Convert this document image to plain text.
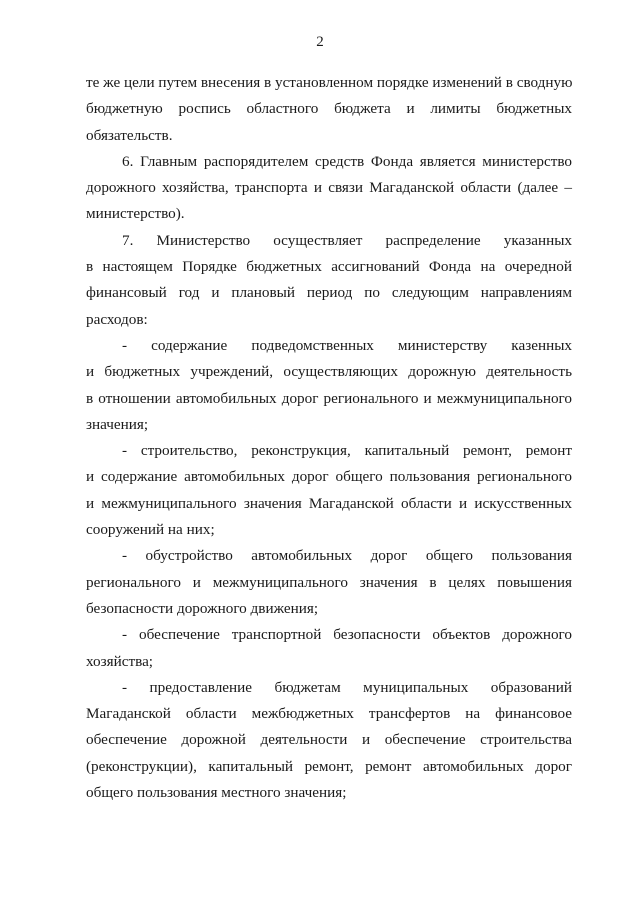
2
те же цели путем внесения в установленном порядке изменений в сводную
бюджетную роспись областного бюджета и лимиты бюджетных
обязательств.
6. Главным распорядителем средств Фонда является министерство
дорожного хозяйства, транспорта и связи Магаданской области (далее –
министерство).
7. Министерство осуществляет распределение указанных
в настоящем Порядке бюджетных ассигнований Фонда на очередной
финансовый год и плановый период по следующим направлениям
расходов:
- содержание подведомственных министерству казенных
и бюджетных учреждений, осуществляющих дорожную деятельность
в отношении автомобильных дорог регионального и межмуниципального
значения;
- строительство, реконструкция, капитальный ремонт, ремонт
и содержание автомобильных дорог общего пользования регионального
и межмуниципального значения Магаданской области и искусственных
сооружений на них;
- обустройство автомобильных дорог общего пользования
регионального и межмуниципального значения в целях повышения
безопасности дорожного движения;
- обеспечение транспортной безопасности объектов дорожного
хозяйства;
- предоставление бюджетам муниципальных образований
Магаданской области межбюджетных трансфертов на финансовое
обеспечение дорожной деятельности и обеспечение строительства
(реконструкции), капитальный ремонт, ремонт автомобильных дорог
общего пользования местного значения;
